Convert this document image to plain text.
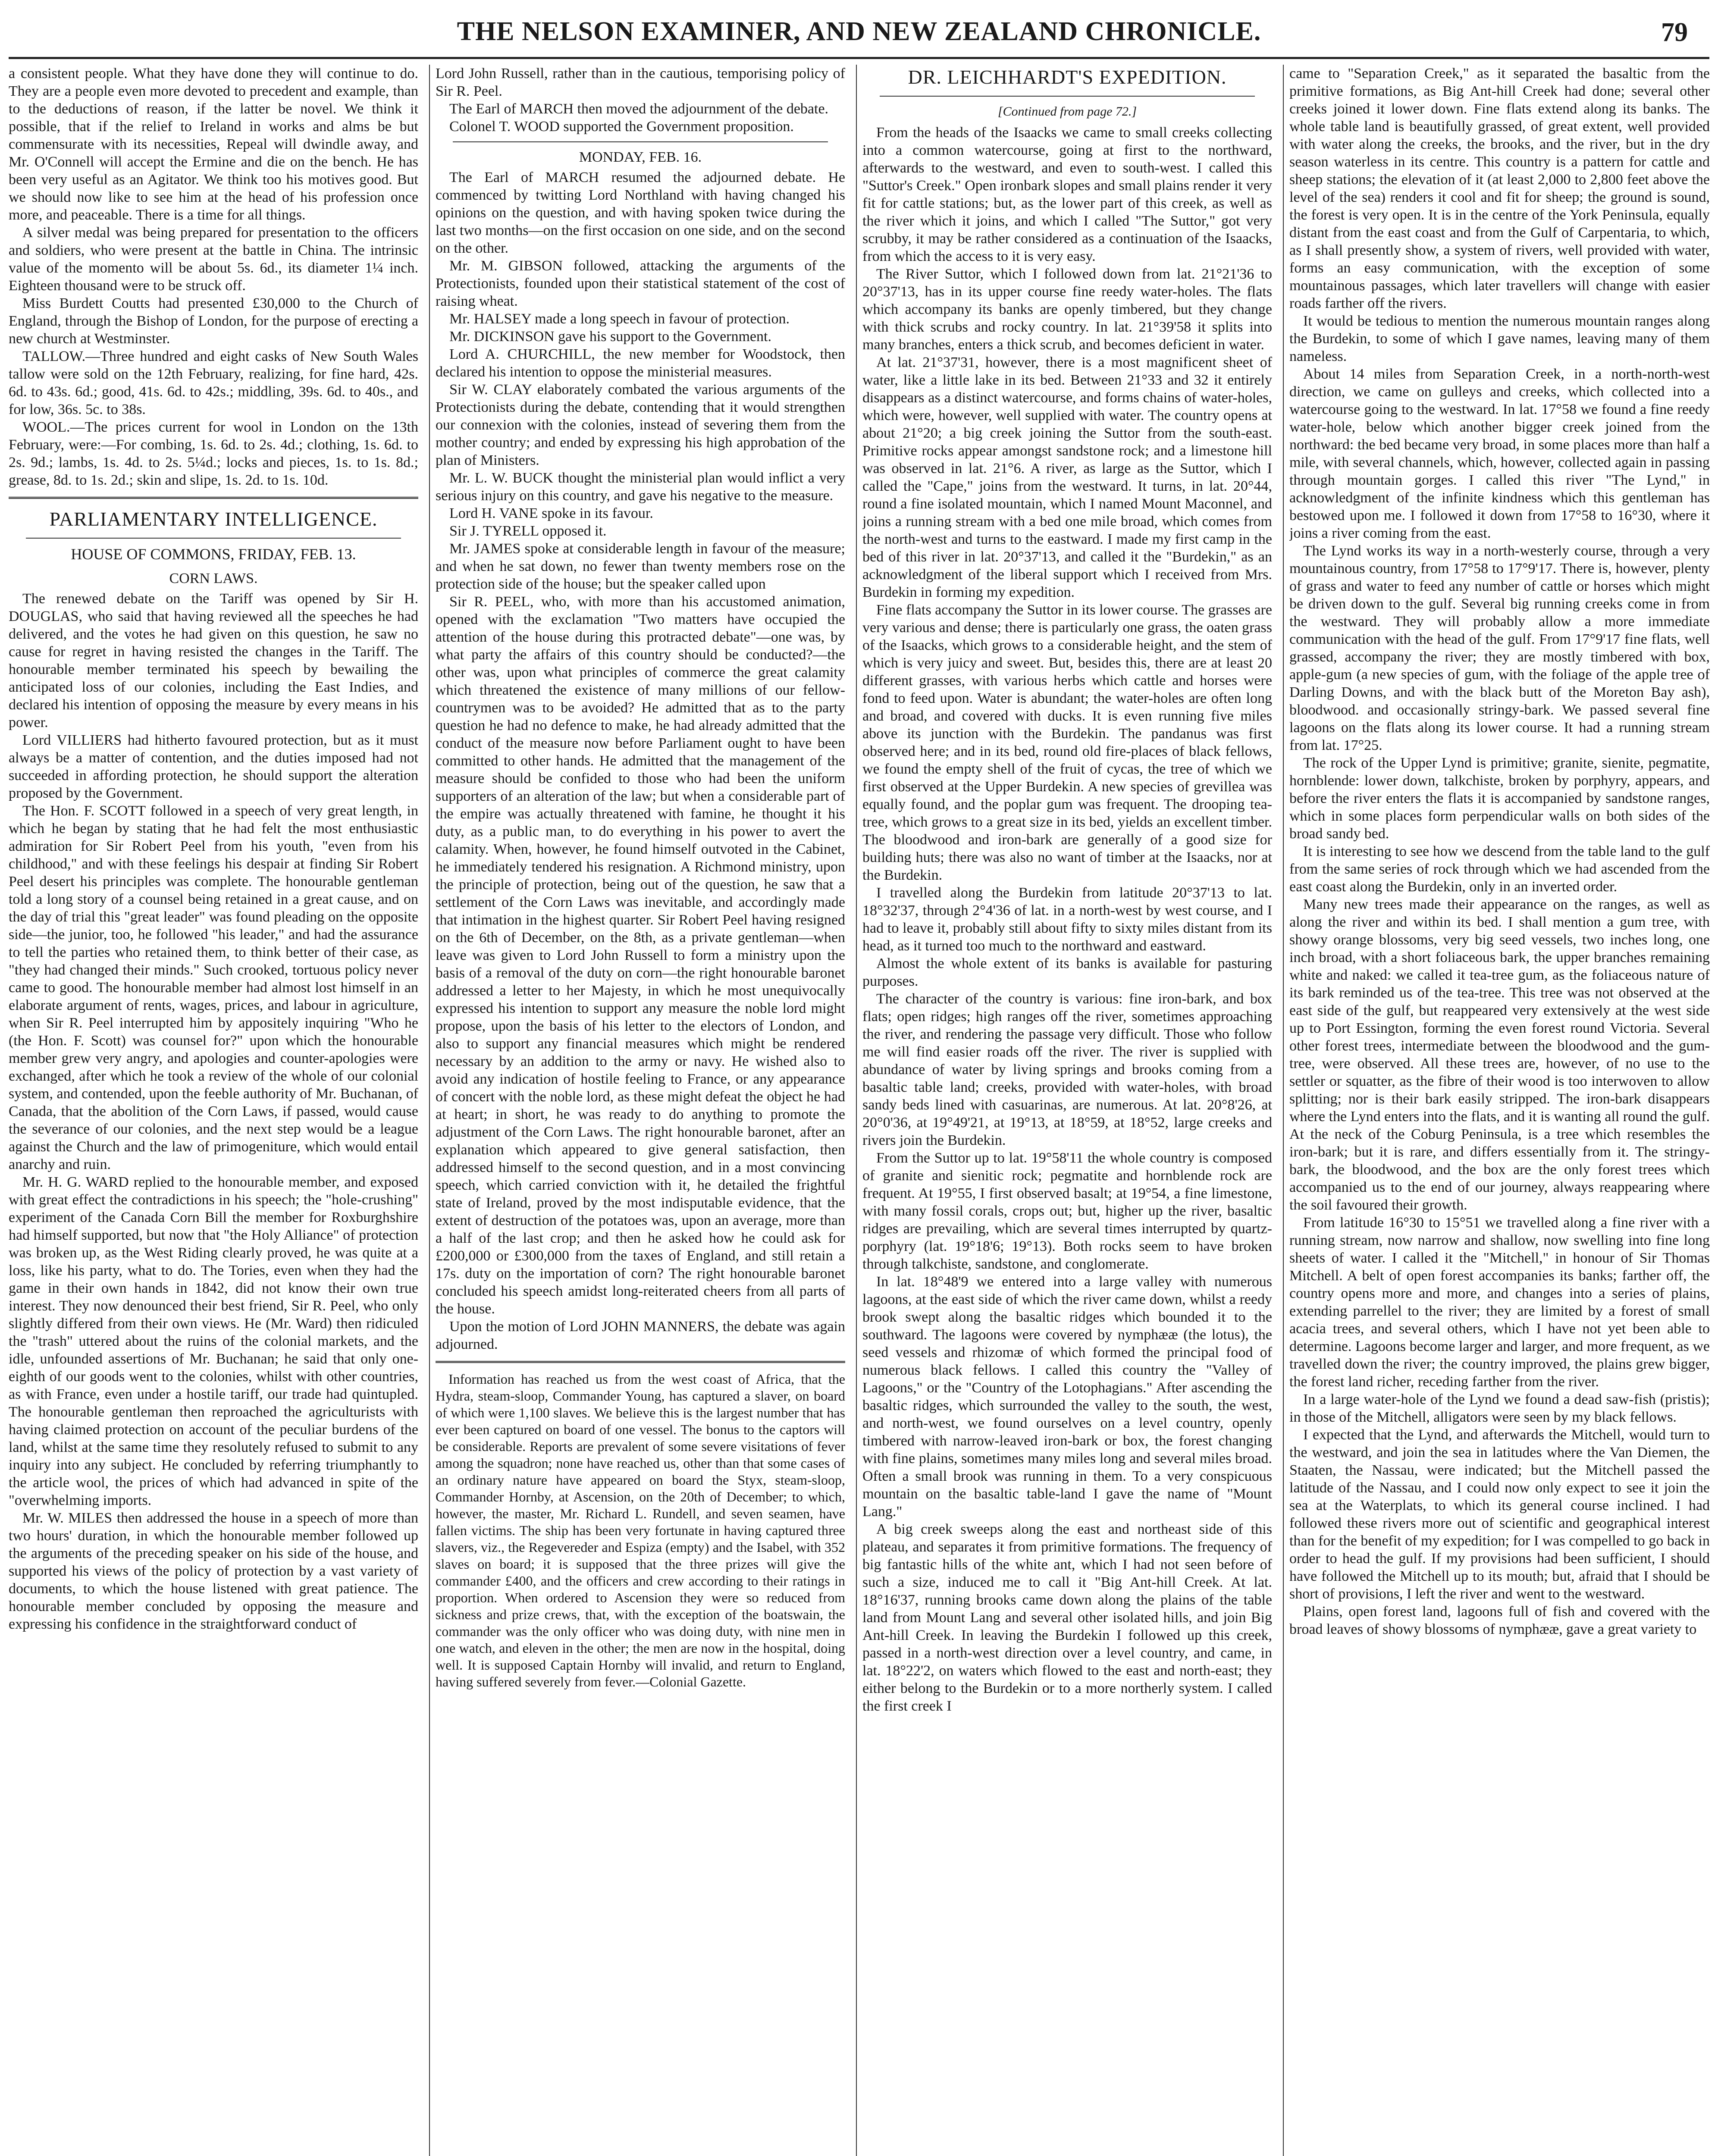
THE NELSON EXAMINER, AND NEW ZEALAND CHRONICLE.	79

a consistent people. What they have done they will continue to do. They are a people even more devoted to precedent and example, than to the deductions of reason, if the latter be novel. We think it possible, that if the relief to Ireland in works and alms be but commensurate with its necessities, Repeal will dwindle away, and Mr. O'Connell will accept the Ermine and die on the bench. He has been very useful as an Agitator. We think too his motives good. But we should now like to see him at the head of his profession once more, and peaceable. There is a time for all things.

A silver medal was being prepared for presentation to the officers and soldiers, who were present at the battle in China. The intrinsic value of the momento will be about 5s. 6d., its diameter 1¼ inch. Eighteen thousand were to be struck off.

Miss Burdett Coutts had presented £30,000 to the Church of England, through the Bishop of London, for the purpose of erecting a new church at Westminster.

TALLOW.—Three hundred and eight casks of New South Wales tallow were sold on the 12th February, realizing, for fine hard, 42s. 6d. to 43s. 6d.; good, 41s. 6d. to 42s.; middling, 39s. 6d. to 40s., and for low, 36s. 5c. to 38s.

WOOL.—The prices current for wool in London on the 13th February, were:—For combing, 1s. 6d. to 2s. 4d.; clothing, 1s. 6d. to 2s. 9d.; lambs, 1s. 4d. to 2s. 5¼d.; locks and pieces, 1s. to 1s. 8d.; grease, 8d. to 1s. 2d.; skin and slipe, 1s. 2d. to 1s. 10d.

PARLIAMENTARY INTELLIGENCE.
HOUSE OF COMMONS, FRIDAY, FEB. 13.
CORN LAWS.

The renewed debate on the Tariff was opened by Sir H. DOUGLAS, who said that having reviewed all the speeches he had delivered, and the votes he had given on this question, he saw no cause for regret in having resisted the changes in the Tariff. The honourable member terminated his speech by bewailing the anticipated loss of our colonies, including the East Indies, and declared his intention of opposing the measure by every means in his power.

Lord VILLIERS had hitherto favoured protection, but as it must always be a matter of contention, and the duties imposed had not succeeded in affording protection, he should support the alteration proposed by the Government.

The Hon. F. SCOTT followed in a speech of very great length, in which he began by stating that he had felt the most enthusiastic admiration for Sir Robert Peel from his youth, "even from his childhood," and with these feelings his despair at finding Sir Robert Peel desert his principles was complete. The honourable gentleman told a long story of a counsel being retained in a great cause, and on the day of trial this "great leader" was found pleading on the opposite side—the junior, too, he followed "his leader," and had the assurance to tell the parties who retained them, to think better of their case, as "they had changed their minds." Such crooked, tortuous policy never came to good. The honourable member had almost lost himself in an elaborate argument of rents, wages, prices, and labour in agriculture, when Sir R. Peel interrupted him by appositely inquiring "Who he (the Hon. F. Scott) was counsel for?" upon which the honourable member grew very angry, and apologies and counter-apologies were exchanged, after which he took a review of the whole of our colonial system, and contended, upon the feeble authority of Mr. Buchanan, of Canada, that the abolition of the Corn Laws, if passed, would cause the severance of our colonies, and the next step would be a league against the Church and the law of primogeniture, which would entail anarchy and ruin.

Mr. H. G. WARD replied to the honourable member, and exposed with great effect the contradictions in his speech; the "hole-crushing" experiment of the Canada Corn Bill the member for Roxburghshire had himself supported, but now that "the Holy Alliance" of protection was broken up, as the West Riding clearly proved, he was quite at a loss, like his party, what to do. The Tories, even when they had the game in their own hands in 1842, did not know their own true interest. They now denounced their best friend, Sir R. Peel, who only slightly differed from their own views. He (Mr. Ward) then ridiculed the "trash" uttered about the ruins of the colonial markets, and the idle, unfounded assertions of Mr. Buchanan; he said that only one-eighth of our goods went to the colonies, whilst with other countries, as with France, even under a hostile tariff, our trade had quintupled. The honourable gentleman then reproached the agriculturists with having claimed protection on account of the peculiar burdens of the land, whilst at the same time they resolutely refused to submit to any inquiry into any subject. He concluded by referring triumphantly to the article wool, the prices of which had advanced in spite of the "overwhelming imports.

Mr. W. MILES then addressed the house in a speech of more than two hours' duration, in which the honourable member followed up the arguments of the preceding speaker on his side of the house, and supported his views of the policy of protection by a vast variety of documents, to which the house listened with great patience. The honourable member concluded by opposing the measure and expressing his confidence in the straightforward conduct of

Lord John Russell, rather than in the cautious, temporising policy of Sir R. Peel.

The Earl of MARCH then moved the adjournment of the debate.

Colonel T. WOOD supported the Government proposition.

MONDAY, FEB. 16.

The Earl of MARCH resumed the adjourned debate. He commenced by twitting Lord Northland with having changed his opinions on the question, and with having spoken twice during the last two months—on the first occasion on one side, and on the second on the other.

Mr. M. GIBSON followed, attacking the arguments of the Protectionists, founded upon their statistical statement of the cost of raising wheat.

Mr. HALSEY made a long speech in favour of protection.

Mr. DICKINSON gave his support to the Government.

Lord A. CHURCHILL, the new member for Woodstock, then declared his intention to oppose the ministerial measures.

Sir W. CLAY elaborately combated the various arguments of the Protectionists during the debate, contending that it would strengthen our connexion with the colonies, instead of severing them from the mother country; and ended by expressing his high approbation of the plan of Ministers.

Mr. L. W. BUCK thought the ministerial plan would inflict a very serious injury on this country, and gave his negative to the measure.

Lord H. VANE spoke in its favour.

Sir J. TYRELL opposed it.

Mr. JAMES spoke at considerable length in favour of the measure; and when he sat down, no fewer than twenty members rose on the protection side of the house; but the speaker called upon

Sir R. PEEL, who, with more than his accustomed animation, opened with the exclamation "Two matters have occupied the attention of the house during this protracted debate"—one was, by what party the affairs of this country should be conducted?—the other was, upon what principles of commerce the great calamity which threatened the existence of many millions of our fellow-countrymen was to be avoided? He admitted that as to the party question he had no defence to make, he had already admitted that the conduct of the measure now before Parliament ought to have been committed to other hands. He admitted that the management of the measure should be confided to those who had been the uniform supporters of an alteration of the law; but when a considerable part of the empire was actually threatened with famine, he thought it his duty, as a public man, to do everything in his power to avert the calamity. When, however, he found himself outvoted in the Cabinet, he immediately tendered his resignation. A Richmond ministry, upon the principle of protection, being out of the question, he saw that a settlement of the Corn Laws was inevitable, and accordingly made that intimation in the highest quarter. Sir Robert Peel having resigned on the 6th of December, on the 8th, as a private gentleman—when leave was given to Lord John Russell to form a ministry upon the basis of a removal of the duty on corn—the right honourable baronet addressed a letter to her Majesty, in which he most unequivocally expressed his intention to support any measure the noble lord might propose, upon the basis of his letter to the electors of London, and also to support any financial measures which might be rendered necessary by an addition to the army or navy. He wished also to avoid any indication of hostile feeling to France, or any appearance of concert with the noble lord, as these might defeat the object he had at heart; in short, he was ready to do anything to promote the adjustment of the Corn Laws. The right honourable baronet, after an explanation which appeared to give general satisfaction, then addressed himself to the second question, and in a most convincing speech, which carried conviction with it, he detailed the frightful state of Ireland, proved by the most indisputable evidence, that the extent of destruction of the potatoes was, upon an average, more than a half of the last crop; and then he asked how he could ask for £200,000 or £300,000 from the taxes of England, and still retain a 17s. duty on the importation of corn? The right honourable baronet concluded his speech amidst long-reiterated cheers from all parts of the house.

Upon the motion of Lord JOHN MANNERS, the debate was again adjourned.

Information has reached us from the west coast of Africa, that the Hydra, steam-sloop, Commander Young, has captured a slaver, on board of which were 1,100 slaves. We believe this is the largest number that has ever been captured on board of one vessel. The bonus to the captors will be considerable. Reports are prevalent of some severe visitations of fever among the squadron; none have reached us, other than that some cases of an ordinary nature have appeared on board the Styx, steam-sloop, Commander Hornby, at Ascension, on the 20th of December; to which, however, the master, Mr. Richard L. Rundell, and seven seamen, have fallen victims. The ship has been very fortunate in having captured three slavers, viz., the Regevereder and Espiza (empty) and the Isabel, with 352 slaves on board; it is supposed that the three prizes will give the commander £400, and the officers and crew according to their ratings in proportion. When ordered to Ascension they were so reduced from sickness and prize crews, that, with the exception of the boatswain, the commander was the only officer who was doing duty, with nine men in one watch, and eleven in the other; the men are now in the hospital, doing well. It is supposed Captain Hornby will invalid, and return to England, having suffered severely from fever.—Colonial Gazette.

DR. LEICHHARDT'S EXPEDITION.
[Continued from page 72.]

From the heads of the Isaacks we came to small creeks collecting into a common watercourse, going at first to the northward, afterwards to the westward, and even to south-west. I called this "Suttor's Creek." Open ironbark slopes and small plains render it very fit for cattle stations; but, as the lower part of this creek, as well as the river which it joins, and which I called "The Suttor," got very scrubby, it may be rather considered as a continuation of the Isaacks, from which the access to it is very easy.

The River Suttor, which I followed down from lat. 21°21'36 to 20°37'13, has in its upper course fine reedy water-holes. The flats which accompany its banks are openly timbered, but they change with thick scrubs and rocky country. In lat. 21°39'58 it splits into many branches, enters a thick scrub, and becomes deficient in water.

At lat. 21°37'31, however, there is a most magnificent sheet of water, like a little lake in its bed. Between 21°33 and 32 it entirely disappears as a distinct watercourse, and forms chains of water-holes, which were, however, well supplied with water. The country opens at about 21°20; a big creek joining the Suttor from the south-east. Primitive rocks appear amongst sandstone rock; and a limestone hill was observed in lat. 21°6. A river, as large as the Suttor, which I called the "Cape," joins from the westward. It turns, in lat. 20°44, round a fine isolated mountain, which I named Mount Maconnel, and joins a running stream with a bed one mile broad, which comes from the north-west and turns to the eastward. I made my first camp in the bed of this river in lat. 20°37'13, and called it the "Burdekin," as an acknowledgment of the liberal support which I received from Mrs. Burdekin in forming my expedition.

Fine flats accompany the Suttor in its lower course. The grasses are very various and dense; there is particularly one grass, the oaten grass of the Isaacks, which grows to a considerable height, and the stem of which is very juicy and sweet. But, besides this, there are at least 20 different grasses, with various herbs which cattle and horses were fond to feed upon. Water is abundant; the water-holes are often long and broad, and covered with ducks. It is even running five miles above its junction with the Burdekin. The pandanus was first observed here; and in its bed, round old fire-places of black fellows, we found the empty shell of the fruit of cycas, the tree of which we first observed at the Upper Burdekin. A new species of grevillea was equally found, and the poplar gum was frequent. The drooping tea-tree, which grows to a great size in its bed, yields an excellent timber. The bloodwood and iron-bark are generally of a good size for building huts; there was also no want of timber at the Isaacks, nor at the Burdekin.

I travelled along the Burdekin from latitude 20°37'13 to lat. 18°32'37, through 2°4'36 of lat. in a north-west by west course, and I had to leave it, probably still about fifty to sixty miles distant from its head, as it turned too much to the northward and eastward.

Almost the whole extent of its banks is available for pasturing purposes.

The character of the country is various: fine iron-bark, and box flats; open ridges; high ranges off the river, sometimes approaching the river, and rendering the passage very difficult. Those who follow me will find easier roads off the river. The river is supplied with abundance of water by living springs and brooks coming from a basaltic table land; creeks, provided with water-holes, with broad sandy beds lined with casuarinas, are numerous. At lat. 20°8'26, at 20°0'36, at 19°49'21, at 19°13, at 18°59, at 18°52, large creeks and rivers join the Burdekin.

From the Suttor up to lat. 19°58'11 the whole country is composed of granite and sienitic rock; pegmatite and hornblende rock are frequent. At 19°55, I first observed basalt; at 19°54, a fine limestone, with many fossil corals, crops out; but, higher up the river, basaltic ridges are prevailing, which are several times interrupted by quartz-porphyry (lat. 19°18'6; 19°13). Both rocks seem to have broken through talkchiste, sandstone, and conglomerate.

In lat. 18°48'9 we entered into a large valley with numerous lagoons, at the east side of which the river came down, whilst a reedy brook swept along the basaltic ridges which bounded it to the southward. The lagoons were covered by nymphææ (the lotus), the seed vessels and rhizomæ of which formed the principal food of numerous black fellows. I called this country the "Valley of Lagoons," or the "Country of the Lotophagians." After ascending the basaltic ridges, which surrounded the valley to the south, the west, and north-west, we found ourselves on a level country, openly timbered with narrow-leaved iron-bark or box, the forest changing with fine plains, sometimes many miles long and several miles broad. Often a small brook was running in them. To a very conspicuous mountain on the basaltic table-land I gave the name of "Mount Lang."

A big creek sweeps along the east and northeast side of this plateau, and separates it from primitive formations. The frequency of big fantastic hills of the white ant, which I had not seen before of such a size, induced me to call it "Big Ant-hill Creek. At lat. 18°16'37, running brooks came down along the plains of the table land from Mount Lang and several other isolated hills, and join Big Ant-hill Creek. In leaving the Burdekin I followed up this creek, passed in a north-west direction over a level country, and came, in lat. 18°22'2, on waters which flowed to the east and north-east; they either belong to the Burdekin or to a more northerly system. I called the first creek I

came to "Separation Creek," as it separated the basaltic from the primitive formations, as Big Ant-hill Creek had done; several other creeks joined it lower down. Fine flats extend along its banks. The whole table land is beautifully grassed, of great extent, well provided with water along the creeks, the brooks, and the river, but in the dry season waterless in its centre. This country is a pattern for cattle and sheep stations; the elevation of it (at least 2,000 to 2,800 feet above the level of the sea) renders it cool and fit for sheep; the ground is sound, the forest is very open. It is in the centre of the York Peninsula, equally distant from the east coast and from the Gulf of Carpentaria, to which, as I shall presently show, a system of rivers, well provided with water, forms an easy communication, with the exception of some mountainous passages, which later travellers will change with easier roads farther off the rivers.

It would be tedious to mention the numerous mountain ranges along the Burdekin, to some of which I gave names, leaving many of them nameless.

About 14 miles from Separation Creek, in a north-north-west direction, we came on gulleys and creeks, which collected into a watercourse going to the westward. In lat. 17°58 we found a fine reedy water-hole, below which another bigger creek joined from the northward: the bed became very broad, in some places more than half a mile, with several channels, which, however, collected again in passing through mountain gorges. I called this river "The Lynd," in acknowledgment of the infinite kindness which this gentleman has bestowed upon me. I followed it down from 17°58 to 16°30, where it joins a river coming from the east.

The Lynd works its way in a north-westerly course, through a very mountainous country, from 17°58 to 17°9'17. There is, however, plenty of grass and water to feed any number of cattle or horses which might be driven down to the gulf. Several big running creeks come in from the westward. They will probably allow a more immediate communication with the head of the gulf. From 17°9'17 fine flats, well grassed, accompany the river; they are mostly timbered with box, apple-gum (a new species of gum, with the foliage of the apple tree of Darling Downs, and with the black butt of the Moreton Bay ash), bloodwood. and occasionally stringy-bark. We passed several fine lagoons on the flats along its lower course. It had a running stream from lat. 17°25.

The rock of the Upper Lynd is primitive; granite, sienite, pegmatite, hornblende: lower down, talkchiste, broken by porphyry, appears, and before the river enters the flats it is accompanied by sandstone ranges, which in some places form perpendicular walls on both sides of the broad sandy bed.

It is interesting to see how we descend from the table land to the gulf from the same series of rock through which we had ascended from the east coast along the Burdekin, only in an inverted order.

Many new trees made their appearance on the ranges, as well as along the river and within its bed. I shall mention a gum tree, with showy orange blossoms, very big seed vessels, two inches long, one inch broad, with a short foliaceous bark, the upper branches remaining white and naked: we called it tea-tree gum, as the foliaceous nature of its bark reminded us of the tea-tree. This tree was not observed at the east side of the gulf, but reappeared very extensively at the west side up to Port Essington, forming the even forest round Victoria. Several other forest trees, intermediate between the bloodwood and the gum-tree, were observed. All these trees are, however, of no use to the settler or squatter, as the fibre of their wood is too interwoven to allow splitting; nor is their bark easily stripped. The iron-bark disappears where the Lynd enters into the flats, and it is wanting all round the gulf. At the neck of the Coburg Peninsula, is a tree which resembles the iron-bark; but it is rare, and differs essentially from it. The stringy-bark, the bloodwood, and the box are the only forest trees which accompanied us to the end of our journey, always reappearing where the soil favoured their growth.

From latitude 16°30 to 15°51 we travelled along a fine river with a running stream, now narrow and shallow, now swelling into fine long sheets of water. I called it the "Mitchell," in honour of Sir Thomas Mitchell. A belt of open forest accompanies its banks; farther off, the country opens more and more, and changes into a series of plains, extending parrellel to the river; they are limited by a forest of small acacia trees, and several others, which I have not yet been able to determine. Lagoons become larger and larger, and more frequent, as we travelled down the river; the country improved, the plains grew bigger, the forest land richer, receding farther from the river.

In a large water-hole of the Lynd we found a dead saw-fish (pristis); in those of the Mitchell, alligators were seen by my black fellows.

I expected that the Lynd, and afterwards the Mitchell, would turn to the westward, and join the sea in latitudes where the Van Diemen, the Staaten, the Nassau, were indicated; but the Mitchell passed the latitude of the Nassau, and I could now only expect to see it join the sea at the Waterplats, to which its general course inclined. I had followed these rivers more out of scientific and geographical interest than for the benefit of my expedition; for I was compelled to go back in order to head the gulf. If my provisions had been sufficient, I should have followed the Mitchell up to its mouth; but, afraid that I should be short of provisions, I left the river and went to the westward.

Plains, open forest land, lagoons full of fish and covered with the broad leaves of showy blossoms of nymphææ, gave a great variety to
